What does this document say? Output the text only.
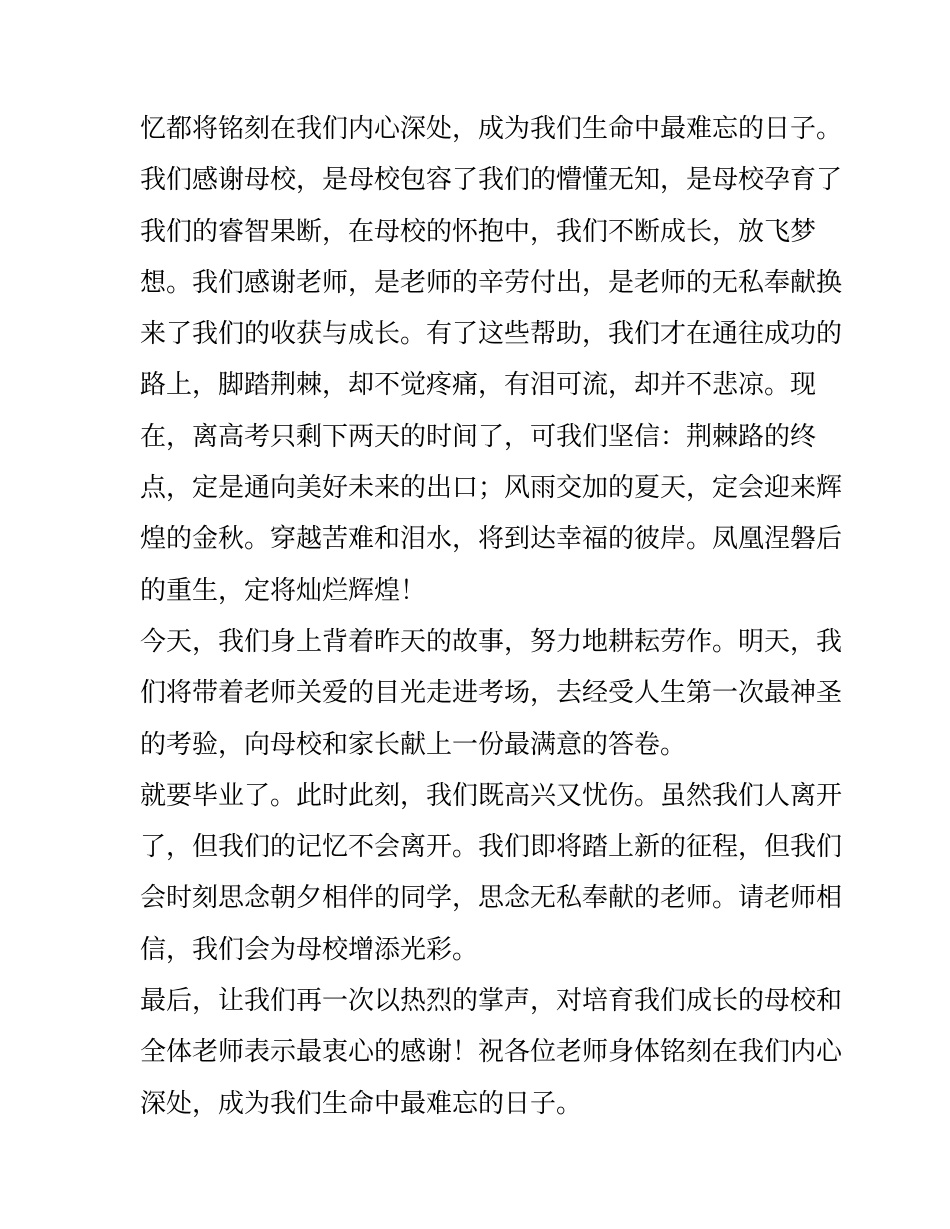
忆都将铭刻在我们内心深处，成为我们生命中最难忘的日子。
我们感谢母校，是母校包容了我们的懵懂无知，是母校孕育了
我们的睿智果断，在母校的怀抱中，我们不断成长，放飞梦
想。我们感谢老师，是老师的辛劳付出，是老师的无私奉献换
来了我们的收获与成长。有了这些帮助，我们才在通往成功的
路上，脚踏荆棘，却不觉疼痛，有泪可流，却并不悲凉。现
在，离高考只剩下两天的时间了，可我们坚信：荆棘路的终
点，定是通向美好未来的出口；风雨交加的夏天，定会迎来辉
煌的金秋。穿越苦难和泪水，将到达幸福的彼岸。凤凰涅磐后
的重生，定将灿烂辉煌！
今天，我们身上背着昨天的故事，努力地耕耘劳作。明天，我
们将带着老师关爱的目光走进考场，去经受人生第一次最神圣
的考验，向母校和家长献上一份最满意的答卷。
就要毕业了。此时此刻，我们既高兴又忧伤。虽然我们人离开
了，但我们的记忆不会离开。我们即将踏上新的征程，但我们
会时刻思念朝夕相伴的同学，思念无私奉献的老师。请老师相
信，我们会为母校增添光彩。
最后，让我们再一次以热烈的掌声，对培育我们成长的母校和
全体老师表示最衷心的感谢！祝各位老师身体铭刻在我们内心
深处，成为我们生命中最难忘的日子。
